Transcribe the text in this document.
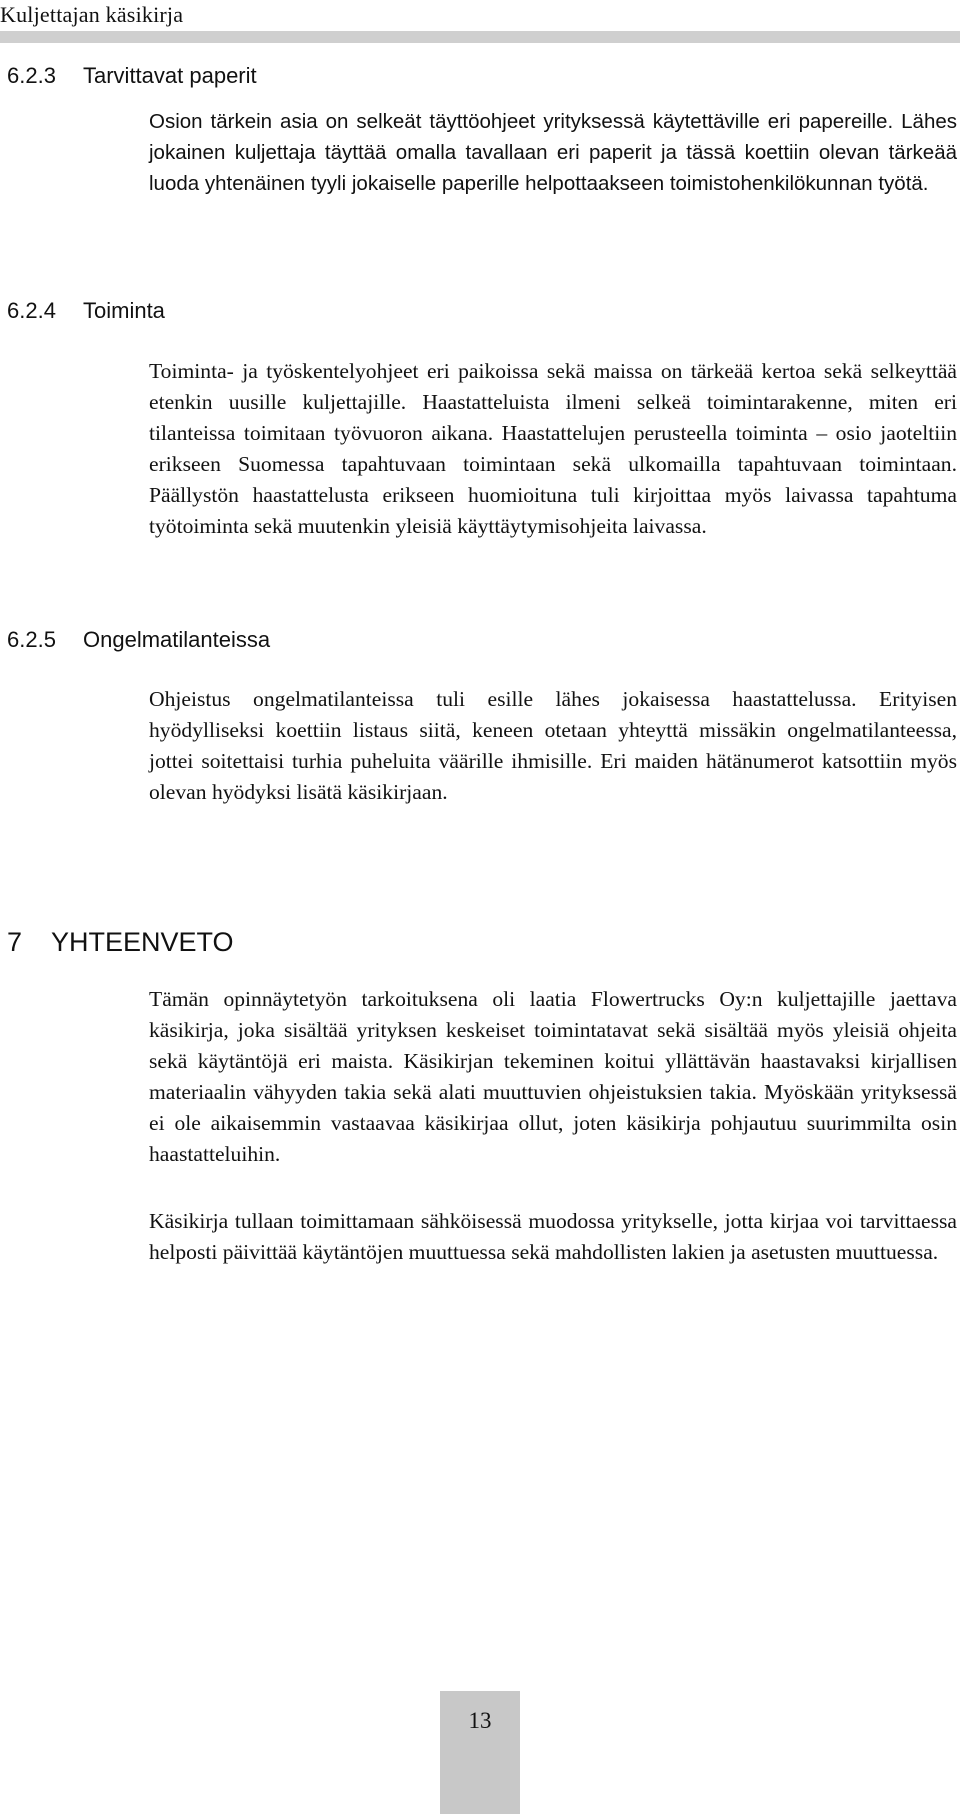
Kuljettajan käsikirja
6.2.3 Tarvittavat paperit

Osion tärkein asia on selkeät täyttöohjeet yrityksessä käytettäville eri papereille. Lähes jokainen kuljettaja täyttää omalla tavallaan eri paperit ja tässä koettiin olevan tärkeää luoda yhtenäinen tyyli jokaiselle paperille helpottaakseen toimistohenkilökunnan työtä.

6.2.4 Toiminta

Toiminta- ja työskentelyohjeet eri paikoissa sekä maissa on tärkeää kertoa sekä selkeyttää etenkin uusille kuljettajille. Haastatteluista ilmeni selkeä toimintarakenne, miten eri tilanteissa toimitaan työvuoron aikana. Haastattelujen perusteella toiminta – osio jaoteltiin erikseen Suomessa tapahtuvaan toimintaan sekä ulkomailla tapahtuvaan toimintaan. Päällystön haastattelusta erikseen huomioituna tuli kirjoittaa myös laivassa tapahtuma työtoiminta sekä muutenkin yleisiä käyttäytymisohjeita laivassa.

6.2.5 Ongelmatilanteissa

Ohjeistus ongelmatilanteissa tuli esille lähes jokaisessa haastattelussa. Erityisen hyödylliseksi koettiin listaus siitä, keneen otetaan yhteyttä missäkin ongelmatilanteessa, jottei soitettaisi turhia puheluita väärille ihmisille. Eri maiden hätänumerot katsottiin myös olevan hyödyksi lisätä käsikirjaan.

7 YHTEENVETO

Tämän opinnäytetyön tarkoituksena oli laatia Flowertrucks Oy:n kuljettajille jaettava käsikirja, joka sisältää yrityksen keskeiset toimintatavat sekä sisältää myös yleisiä ohjeita sekä käytäntöjä eri maista. Käsikirjan tekeminen koitui yllättävän haastavaksi kirjallisen materiaalin vähyyden takia sekä alati muuttuvien ohjeistuksien takia. Myöskään yrityksessä ei ole aikaisemmin vastaavaa käsikirjaa ollut, joten käsikirja pohjautuu suurimmilta osin haastatteluihin.

Käsikirja tullaan toimittamaan sähköisessä muodossa yritykselle, jotta kirjaa voi tarvittaessa helposti päivittää käytäntöjen muuttuessa sekä mahdollisten lakien ja asetusten muuttuessa.

13
